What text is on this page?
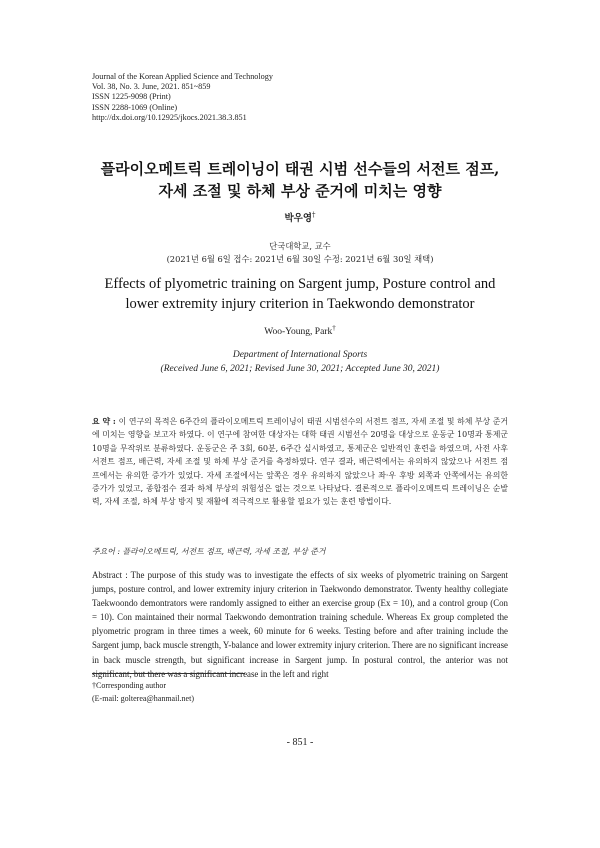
Journal of the Korean Applied Science and Technology
Vol. 38, No. 3. June, 2021. 851~859
ISSN 1225-9098 (Print)
ISSN 2288-1069 (Online)
http://dx.doi.org/10.12925/jkocs.2021.38.3.851
플라이오메트릭 트레이닝이 태권 시범 선수들의 서전트 점프,
자세 조절 및 하체 부상 준거에 미치는 영향
박우영†
단국대학교, 교수
(2021년 6월 6일 접수: 2021년 6월 30일 수정: 2021년 6월 30일 채택)
Effects of plyometric training on Sargent jump, Posture control and
lower extremity injury criterion in Taekwondo demonstrator
Woo-Young, Park†
Department of International Sports
(Received June 6, 2021; Revised June 30, 2021; Accepted June 30, 2021)
요 약 : 이 연구의 목적은 6주간의 플라이오메트릭 트레이닝이 태권 시범선수의 서전트 점프, 자세 조절 및 하체 부상 준거에 미치는 영향을 보고자 하였다. 이 연구에 참여한 대상자는 대학 태권 시범선수 20명을 대상으로 운동군 10명과 통제군 10명을 무작위로 분류하였다. 운동군은 주 3회, 60분, 6주간 실시하였고, 통제군은 일반적인 훈련을 하였으며, 사전 사후 서전트 점프, 배근력, 자세 조절 및 하체 부상 준거를 측정하였다. 연구 결과, 배근력에서는 유의하지 않았으나 서전트 점프에서는 유의한 증가가 있었다. 자세 조절에서는 앞쪽은 경우 유의하지 않았으나 좌·우 후방 외쪽과 안쪽에서는 유의한 증가가 있었고, 종합점수 결과 하체 부상의 위험성은 없는 것으로 나타났다. 결론적으로 플라이오메트릭 트레이닝은 순발력, 자세 조절, 하체 부상 방지 및 재활에 적극적으로 활용할 필요가 있는 훈련 방법이다.
주요어 : 플라이오메트릭, 서전트 점프, 배근력, 자세 조절, 부상 준거
Abstract : The purpose of this study was to investigate the effects of six weeks of plyometric training on Sargent jumps, posture control, and lower extremity injury criterion in Taekwondo demonstrator. Twenty healthy collegiate Taekwoondo demontrators were randomly assigned to either an exercise group (Ex = 10), and a control group (Con = 10). Con maintained their normal Taekwondo demontration training schedule. Whereas Ex group completed the plyometric program in three times a week, 60 minute for 6 weeks. Testing before and after training include the Sargent jump, back muscle strength, Y-balance and lower extremity injury criterion. There are no significant increase in back muscle strength, but significant increase in Sargent jump. In postural control, the anterior was not significant, but there was a significant increase in the left and right
†Corresponding author
(E-mail: golterea@hanmail.net)
- 851 -
